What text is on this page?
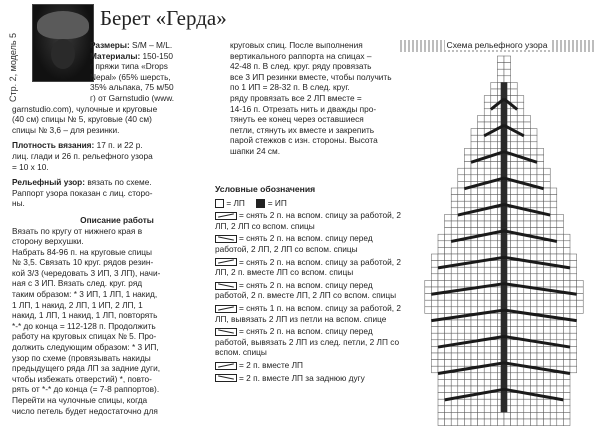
Стр. 2, модель 5
Берет «Герда»

Размеры: S/M – M/L.

Материалы: 150-150

г пряжи типа «Drops

Nepal» (65% шерсть,

35% альпака, 75 м/50

г) от Garnstudio (www.

garnstudio.com), чулочные и круговые

(40 см) спицы № 5, круговые (40 см)

спицы № 3,6 – для резинки.

Плотность вязания: 17 п. и 22 р.

лиц. глади и 26 п. рельефного узора

= 10 х 10.

Рельефный узор: вязать по схеме.

Раппорт узора показан с лиц. сторо-

ны.

Описание работы

Вязать по кругу от нижнего края в

сторону верхушки.

Набрать 84-96 п. на круговые спицы

№ 3,5. Связать 10 круг. рядов резин-

кой 3/3 (чередовать 3 ИП, 3 ЛП), начи-

ная с 3 ИП. Вязать след. круг. ряд

таким образом: * 3 ИП, 1 ЛП, 1 накид,

1 ЛП, 1 накид, 2 ЛП, 1 ИП, 2 ЛП, 1

накид, 1 ЛП, 1 накид, 1 ЛП, повторять

*-* до конца = 112-128 п. Продолжить

работу на круговых спицах № 5. Про-

должить следующим образом: * 3 ИП,

узор по схеме (провязывать накиды

предыдущего ряда ЛП за задние дуги,

чтобы избежать отверстий) *, повто-

рять от *-* до конца (= 7-8 раппортов).

Перейти на чулочные спицы, когда

число петель будет недостаточно для

круговых спиц. После выполнения

вертикального раппорта на спицах –

42-48 п. В след. круг. ряду провязать

все 3 ИП резинки вместе, чтобы получить

по 1 ИП = 28-32 п. В след. круг.

ряду провязать все 2 ЛП вместе =

14-16 п. Отрезать нить и дважды про-

тянуть ее конец через оставшиеся

петли, стянуть их вместе и закрепить

парой стежков с изн. стороны. Высота

шапки 24 см.

Условные обозначения
= ЛП	= ИП
= снять 2 п. на вспом. спицу за работой, 2 ЛП, 2 ЛП со вспом. спицы
= снять 2 п. на вспом. спицу перед работой, 2 ЛП, 2 ЛП со вспом. спицы
= снять 2 п. на вспом. спицу за работой, 2 ЛП, 2 п. вместе ЛП со вспом. спицы
= снять 2 п. на вспом. спицу перед работой, 2 п. вместе ЛП, 2 ЛП со вспом. спицы
= снять 1 п. на вспом. спицу за работой, 2 ЛП, вывязать 2 ЛП из петли на вспом. спице
= снять 2 п. на вспом. спицу перед работой, вывязать 2 ЛП из след. петли, 2 ЛП со вспом. спицы
= 2 п. вместе ЛП
= 2 п. вместе ЛП за заднюю дугу
Схема рельефного узора
